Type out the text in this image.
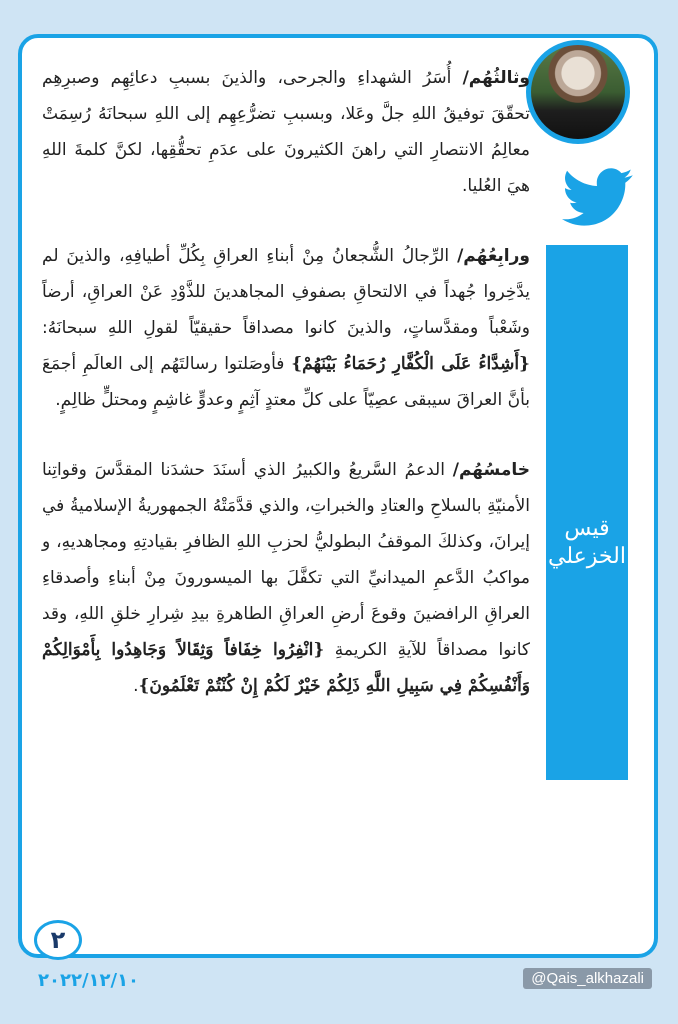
قيس الخزعلي

وثالثُهُم/ أُسَرُ الشهداءِ والجرحى، والذينَ بسببِ دعائِهِم وصبرِهِم تحقّقَ توفيقُ اللهِ جلَّ وعَلا، وبسببِ تضرُّعِهِم إلى اللهِ سبحانَهُ رُسِمَتْ معالِمُ الانتصارِ التي راهنَ الكثيرونَ على عدَمِ تحقُّقِها، لكنَّ كلمةَ اللهِ هيَ العُليا.

ورابِعُهُم/ الرِّجالُ الشُّجعانُ مِنْ أبناءِ العراقِ بِكُلِّ أطيافِهِ، والذينَ لم يدَّخِروا جُهداً في الالتحاقِ بصفوفِ المجاهدينَ للذَّوْدِ عَنْ العراقِ، أرضاً وشَعْباً ومقدَّساتٍ، والذينَ كانوا مصداقاً حقيقيّاً لقولِ اللهِ سبحانَهُ: {أَشِدَّاءُ عَلَى الْكُفَّارِ رُحَمَاءُ بَيْنَهُمْ} فأوصَلتوا رسالتَهُم إلى العالَمِ أجمَعَ بأنَّ العراقَ سيبقى عصِيّاً على كلِّ معتدٍ آثِمٍ وعدوٍّ غاشِمٍ ومحتلٍّ ظالِمٍ.

خامسُهُم/ الدعمُ السَّريعُ والكبيرُ الذي أسنَدَ حشدَنا المقدَّسَ وقواتِنا الأمنيّةِ بالسلاحِ والعتادِ والخبراتِ، والذي قدَّمَتْهُ الجمهوريةُ الإسلاميةُ في إيرانَ، وكذلكَ الموقفُ البطوليُّ لحزبِ اللهِ الظافرِ بقيادتِهِ ومجاهديهِ، و مواكبُ الدَّعمِ الميدانيِّ التي تكفَّلَ بها الميسورونَ مِنْ أبناءِ وأصدقاءِ العراقِ الرافضينَ وقوعَ أرضِ العراقِ الطاهرةِ بيدِ شِرارِ خلقِ اللهِ، وقد كانوا مصداقاً للآيةِ الكريمةِ {انْفِرُوا خِفَافاً وَثِقَالاً وَجَاهِدُوا بِأَمْوَالِكُمْ وَأَنْفُسِكُمْ فِي سَبِيلِ اللَّهِ ذَلِكُمْ خَيْرٌ لَكُمْ إِنْ كُنْتُمْ تَعْلَمُونَ}.

٢
٢٠٢٢/١٢/١٠	@Qais_alkhazali
